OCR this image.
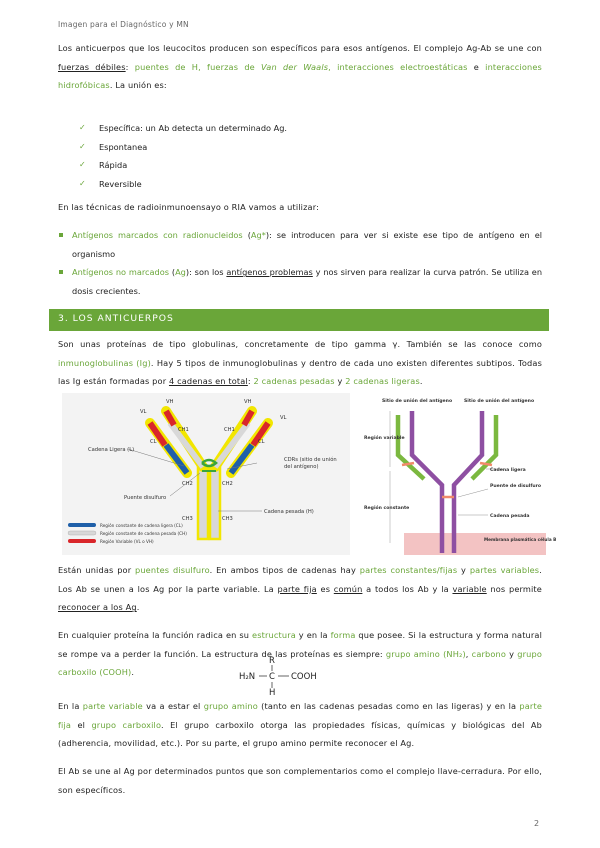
Imagen para el Diagnóstico y MN

Los anticuerpos que los leucocitos producen son específicos para esos antígenos. El complejo Ag-Ab se une con fuerzas débiles: puentes de H, fuerzas de Van der Waals, interacciones electroestáticas e interacciones hidrofóbicas. La unión es:

✓ Específica: un Ab detecta un determinado Ag.
✓ Espontanea
✓ Rápida
✓ Reversible

En las técnicas de radioinmunoensayo o RIA vamos a utilizar:

Antígenos marcados con radionucleidos (Ag*): se introducen para ver si existe ese tipo de antígeno en el organismo
Antígenos no marcados (Ag): son los antígenos problemas y nos sirven para realizar la curva patrón. Se utiliza en dosis crecientes.
3. LOS ANTICUERPOS

Son unas proteínas de tipo globulinas, concretamente de tipo gamma γ. También se las conoce como inmunoglobulinas (Ig). Hay 5 tipos de inmunoglobulinas y dentro de cada uno existen diferentes subtipos. Todas las Ig están formadas por 4 cadenas en total: 2 cadenas pesadas y 2 cadenas ligeras.

VH	VH
VL
VL
CH1	CH1
CL	CL
CH2	CH2
CH3	CH3
Cadena Ligera (L)
CDRs (sitio de unión
del antígeno)
Puente disulfuro
Cadena pesada (H)
Región constante de cadena ligera (CL)
Región constante de cadena pesada (CH)
Región Variable (VL o VH)
Sitio de unión del antígeno	Sitio de unión del antígeno
Región variable
Región constante
Cadena ligera
Puente de disulfuro
Cadena pesada
Membrana plasmática célula B

Están unidas por puentes disulfuro. En ambos tipos de cadenas hay partes constantes/fijas y partes variables. Los Ab se unen a los Ag por la parte variable. La parte fija es común a todos los Ab y la variable nos permite reconocer a los Ag.

En cualquier proteína la función radica en su estructura y en la forma que posee. Si la estructura y forma natural se rompe va a perder la función. La estructura de las proteínas es siempre: grupo amino (NH₂), carbono y grupo carboxilo (COOH).

R
H₂N C COOH
H

En la parte variable va a estar el grupo amino (tanto en las cadenas pesadas como en las ligeras) y en la parte fija el grupo carboxilo. El grupo carboxilo otorga las propiedades físicas, químicas y biológicas del Ab (adherencia, movilidad, etc.). Por su parte, el grupo amino permite reconocer el Ag.

El Ab se une al Ag por determinados puntos que son complementarios como el complejo llave-cerradura. Por ello, son específicos.

2
